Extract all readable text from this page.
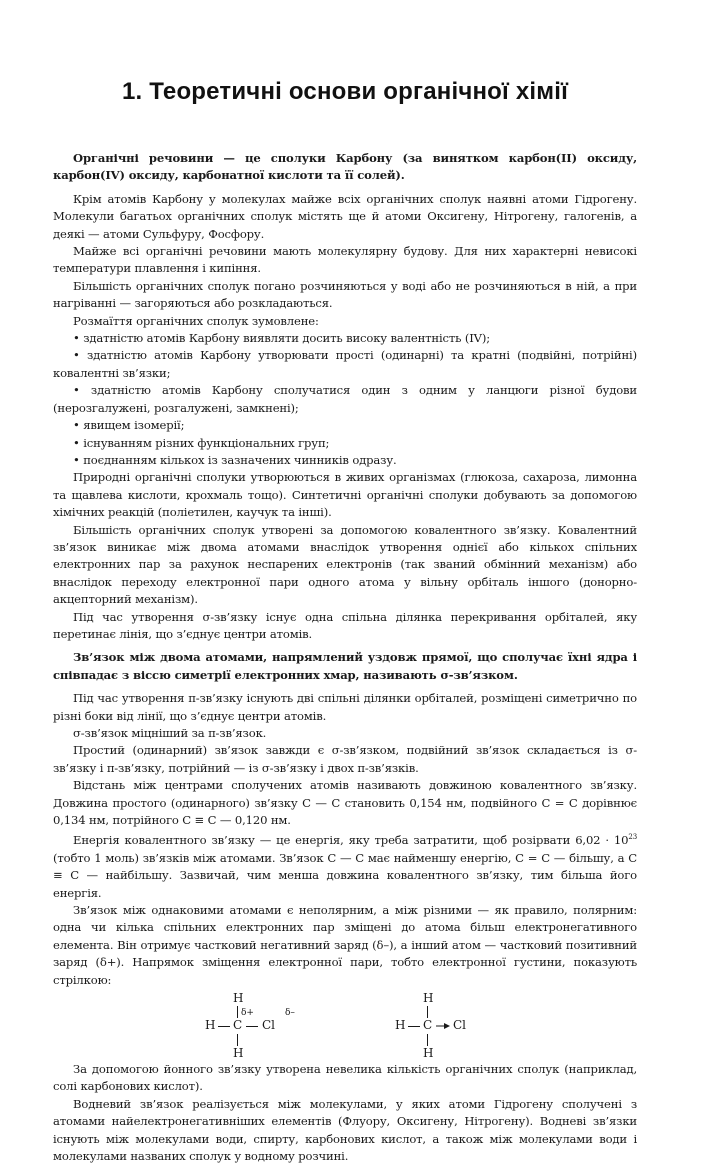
1. Теоретичні основи органічної хімії

Органічні речовини — це сполуки Карбону (за винятком карбон(II) оксиду, карбон(IV) оксиду, карбонатної кислоти та її солей).

Крім атомів Карбону у молекулах майже всіх органічних сполук наявні атоми Гідрогену. Молекули багатьох органічних сполук містять ще й атоми Оксигену, Нітрогену, галогенів, а деякі — атоми Сульфуру, Фосфору.

Майже всі органічні речовини мають молекулярну будову. Для них характерні невисокі температури плавлення і кипіння.

Більшість органічних сполук погано розчиняються у воді або не розчиняються в ній, а при нагріванні — загоряються або розкладаються.

Розмаїття органічних сполук зумовлене:

• здатністю атомів Карбону виявляти досить високу валентність (IV);

• здатністю атомів Карбону утворювати прості (одинарні) та кратні (подвійні, потрійні) ковалентні зв’язки;

• здатністю атомів Карбону сполучатися один з одним у ланцюги різної будови (нерозгалужені, розгалужені, замкнені);

• явищем ізомерії;

• існуванням різних функціональних груп;

• поєднанням кількох із зазначених чинників одразу.

Природні органічні сполуки утворюються в живих організмах (глюкоза, сахароза, лимонна та щавлева кислоти, крохмаль тощо). Синтетичні органічні сполуки добувають за допомогою хімічних реакцій (поліетилен, каучук та інші).

Більшість органічних сполук утворені за допомогою ковалентного зв’язку. Ковалентний зв’язок виникає між двома атомами внаслідок утворення однієї або кількох спільних електронних пар за рахунок неспарених електронів (так званий обмінний механізм) або внаслідок переходу електронної пари одного атома у вільну орбіталь іншого (донорно-акцепторний механізм).

Під час утворення σ-зв’язку існує одна спільна ділянка перекривання орбіталей, яку перетинає лінія, що з’єднує центри атомів.

Зв’язок між двома атомами, напрямлений уздовж прямої, що сполучає їхні ядра і співпадає з віссю симетрії електронних хмар, називають σ-зв’язком.

Під час утворення π-зв’язку існують дві спільні ділянки орбіталей, розміщені симетрично по різні боки від лінії, що з’єднує центри атомів.

σ-зв’язок міцніший за π-зв’язок.

Простий (одинарний) зв’язок завжди є σ-зв’язком, подвійний зв’язок складається із σ-зв’язку і π-зв’язку, потрійний — із σ-зв’язку і двох π-зв’язків.

Відстань між центрами сполучених атомів називають довжиною ковалентного зв’язку. Довжина простого (одинарного) зв’язку C — C становить 0,154 нм, подвійного C = C дорівнює 0,134 нм, потрійного C ≡ C — 0,120 нм.

Енергія ковалентного зв’язку — це енергія, яку треба затратити, щоб розірвати $6,02 \cdot 10^{23}$ (тобто 1 моль) зв’язків між атомами. Зв’язок C — C має найменшу енергію, C = C — більшу, а C ≡ C — найбільшу. Зазвичай, чим менша довжина ковалентного зв’язку, тим більша його енергія.

Зв’язок між однаковими атомами є неполярним, а між різними — як правило, полярним: одна чи кілька спільних електронних пар зміщені до атома більш електронегативного елемента. Він отримує частковий негативний заряд (δ–), а інший атом — частковий позитивний заряд (δ+). Напрямок зміщення електронної пари, тобто електронної густини, показують стрілкою:

H
δ+	δ–
H C Cl
H
H
H C Cl
H

За допомогою йонного зв’язку утворена невелика кількість органічних сполук (наприклад, солі карбонових кислот).

Водневий зв’язок реалізується між молекулами, у яких атоми Гідрогену сполучені з атомами найелектронегативніших елементів (Флуору, Оксигену, Нітрогену). Водневі зв’язки існують між молекулами води, спирту, карбонових кислот, а також між молекулами води і молекулами названих сполук у водному розчині.
